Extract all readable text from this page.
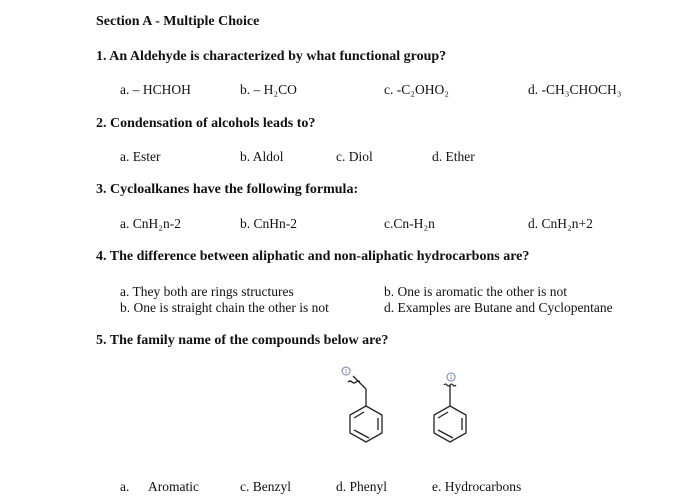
Section A - Multiple Choice
1. An Aldehyde is characterized by what functional group?
a. – HCHOH	b. – H₂CO	c. -C₂OHO₂	d. -CH₃CHOCH₃
2. Condensation of alcohols leads to?
a. Ester	b. Aldol	c. Diol	d. Ether
3. Cycloalkanes have the following formula:
a. CnH₂n-2	b. CnHn-2	c.Cn-H₂n	d. CnH₂n+2
4. The difference between aliphatic and non-aliphatic hydrocarbons are?
a. They both are rings structures	b. One is aromatic the other is not
b. One is straight chain the other is not	d. Examples are Butane and Cyclopentane
5. The family name of the compounds below are?
1
1
a. Aromatic	c. Benzyl	d. Phenyl	e. Hydrocarbons
